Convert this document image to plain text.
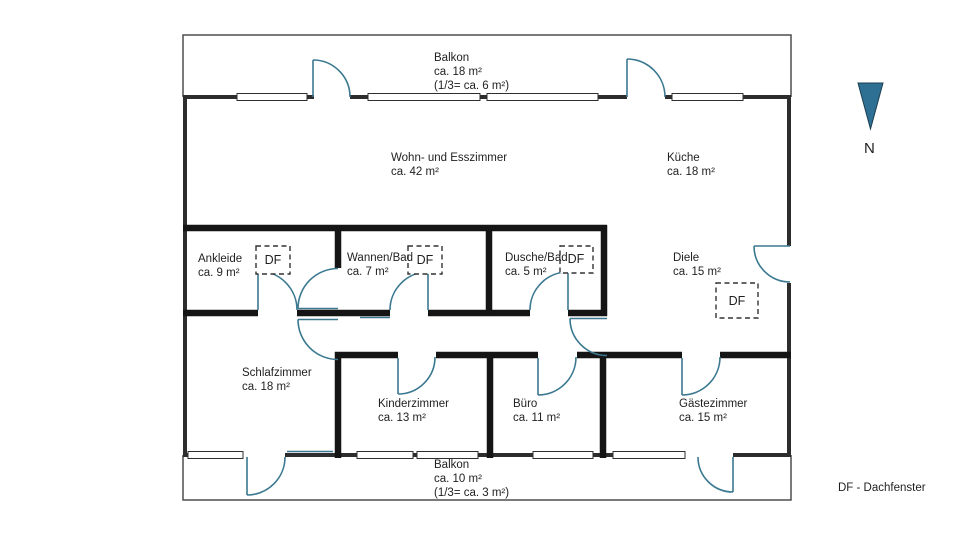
DF	DF	DF
DF
Balkon
ca. 18 m²
(1/3= ca. 6 m²)
Wohn- und Esszimmer
ca. 42 m²
Küche
ca. 18 m²
Ankleide
ca. 9 m²
Wannen/Bad
ca. 7 m²
Dusche/Bad
ca. 5 m²
Diele
ca. 15 m²
Schlafzimmer
ca. 18 m²
Kinderzimmer
ca. 13 m²
Büro
ca. 11 m²
Gästezimmer
ca. 15 m²
Balkon
ca. 10 m²
(1/3= ca. 3 m²)
N
DF - Dachfenster
